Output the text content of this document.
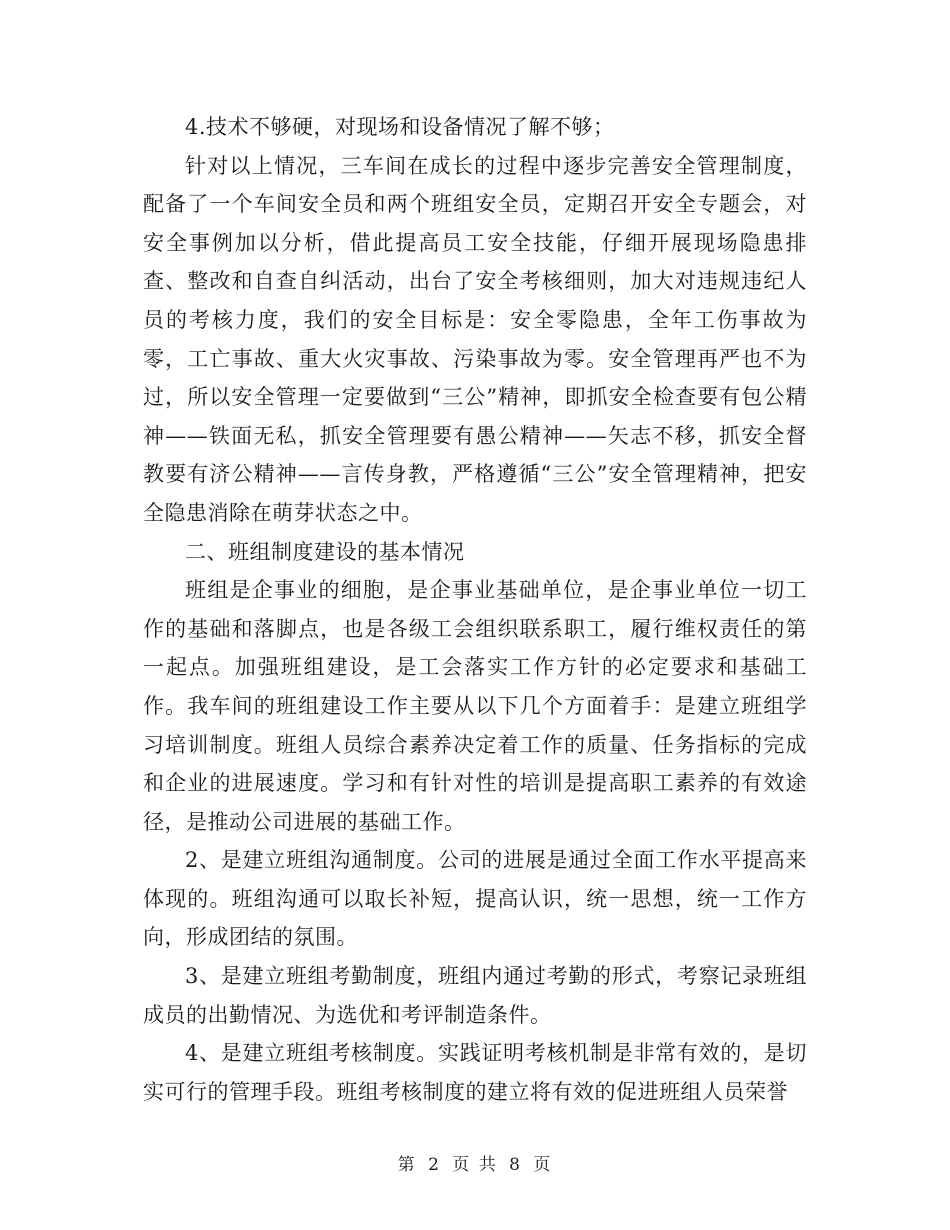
4.技术不够硬，对现场和设备情况了解不够；

针对以上情况，三车间在成长的过程中逐步完善安全管理制度，配备了一个车间安全员和两个班组安全员，定期召开安全专题会，对安全事例加以分析，借此提高员工安全技能，仔细开展现场隐患排查、整改和自查自纠活动，出台了安全考核细则，加大对违规违纪人员的考核力度，我们的安全目标是：安全零隐患，全年工伤事故为零，工亡事故、重大火灾事故、污染事故为零。安全管理再严也不为过，所以安全管理一定要做到“三公”精神，即抓安全检查要有包公精神——铁面无私，抓安全管理要有愚公精神——矢志不移，抓安全督教要有济公精神——言传身教，严格遵循“三公”安全管理精神，把安全隐患消除在萌芽状态之中。

二、班组制度建设的基本情况

班组是企事业的细胞，是企事业基础单位，是企事业单位一切工作的基础和落脚点，也是各级工会组织联系职工，履行维权责任的第一起点。加强班组建设，是工会落实工作方针的必定要求和基础工作。我车间的班组建设工作主要从以下几个方面着手：是建立班组学习培训制度。班组人员综合素养决定着工作的质量、任务指标的完成和企业的进展速度。学习和有针对性的培训是提高职工素养的有效途径，是推动公司进展的基础工作。

2、是建立班组沟通制度。公司的进展是通过全面工作水平提高来体现的。班组沟通可以取长补短，提高认识，统一思想，统一工作方向，形成团结的氛围。

3、是建立班组考勤制度，班组内通过考勤的形式，考察记录班组成员的出勤情况、为选优和考评制造条件。

4、是建立班组考核制度。实践证明考核机制是非常有效的，是切实可行的管理手段。班组考核制度的建立将有效的促进班组人员荣誉

第 2 页 共 8 页
